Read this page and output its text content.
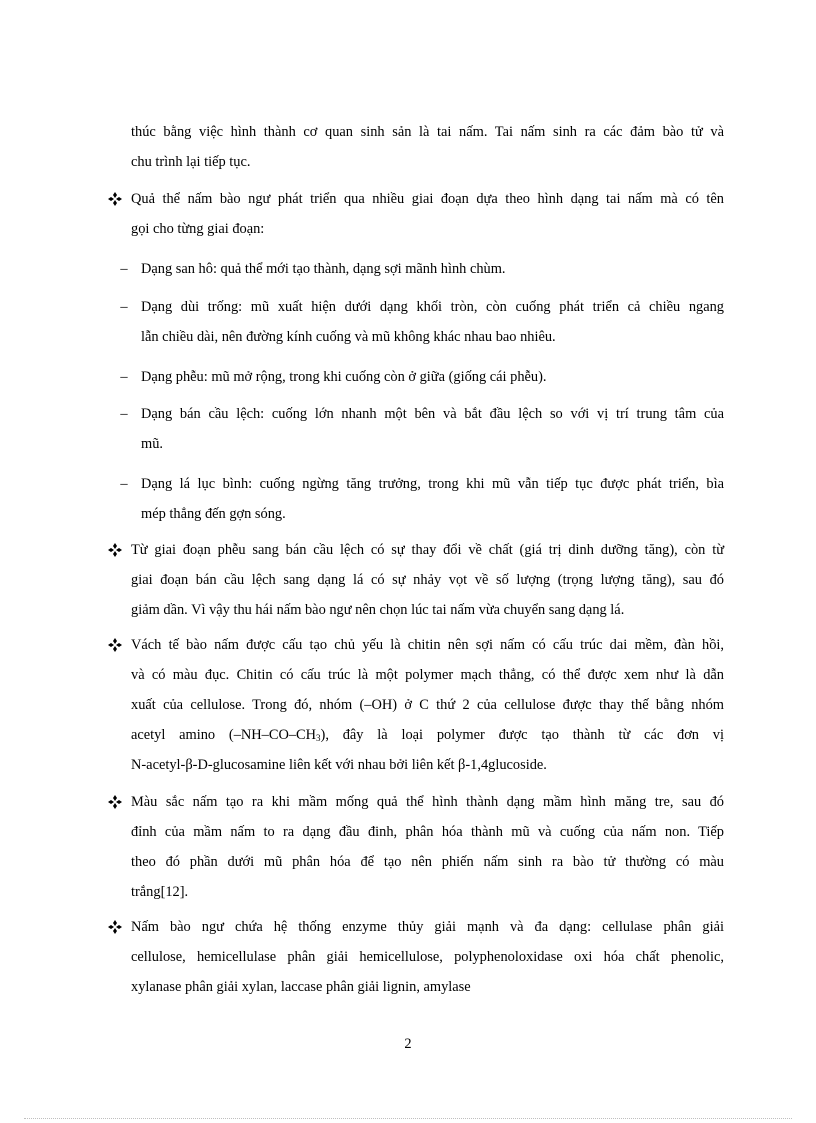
thúc bằng việc hình thành cơ quan sinh sản là tai nấm. Tai nấm sinh ra các đảm bào tử và
chu trình lại tiếp tục.
Quả thể nấm bào ngư phát triển qua nhiều giai đoạn dựa theo hình dạng tai nấm mà có tên
gọi cho từng giai đoạn:
– Dạng san hô: quả thể mới tạo thành, dạng sợi mãnh hình chùm.
– Dạng dùi trống: mũ xuất hiện dưới dạng khối tròn, còn cuống phát triển cả chiều ngang
lẫn chiều dài, nên đường kính cuống và mũ không khác nhau bao nhiêu.
– Dạng phễu: mũ mở rộng, trong khi cuống còn ở giữa (giống cái phễu).
– Dạng bán cầu lệch: cuống lớn nhanh một bên và bắt đầu lệch so với vị trí trung tâm của
mũ.
– Dạng lá lục bình: cuống ngừng tăng trưởng, trong khi mũ vẫn tiếp tục được phát triển, bìa
mép thẳng đến gợn sóng.
Từ giai đoạn phễu sang bán cầu lệch có sự thay đổi về chất (giá trị dinh dưỡng tăng), còn từ
giai đoạn bán cầu lệch sang dạng lá có sự nhảy vọt về số lượng (trọng lượng tăng), sau đó
giảm dần. Vì vậy thu hái nấm bào ngư nên chọn lúc tai nấm vừa chuyển sang dạng lá.
Vách tế bào nấm được cấu tạo chủ yếu là chitin nên sợi nấm có cấu trúc dai mềm, đàn hồi,
và có màu đục. Chitin có cấu trúc là một polymer mạch thẳng, có thể được xem như là dẫn
xuất của cellulose. Trong đó, nhóm (–OH) ở C thứ 2 của cellulose được thay thế bằng nhóm
acetyl amino $(-NH-CO-CH_3)$, đây là loại polymer được tạo thành từ các đơn vị
N-acetyl-β-D-glucosamine liên kết với nhau bởi liên kết β-1,4glucoside.
Màu sắc nấm tạo ra khi mầm mống quả thể hình thành dạng mầm hình măng tre, sau đó
đỉnh của mầm nấm to ra dạng đầu đinh, phân hóa thành mũ và cuống của nấm non. Tiếp
theo đó phần dưới mũ phân hóa để tạo nên phiến nấm sinh ra bào tử thường có màu
trắng[12].
Nấm bào ngư chứa hệ thống enzyme thủy giải mạnh và đa dạng: cellulase phân giải
cellulose, hemicellulase phân giải hemicellulose, polyphenoloxidase oxi hóa chất phenolic,
xylanase phân giải xylan, laccase phân giải lignin, amylase
2
